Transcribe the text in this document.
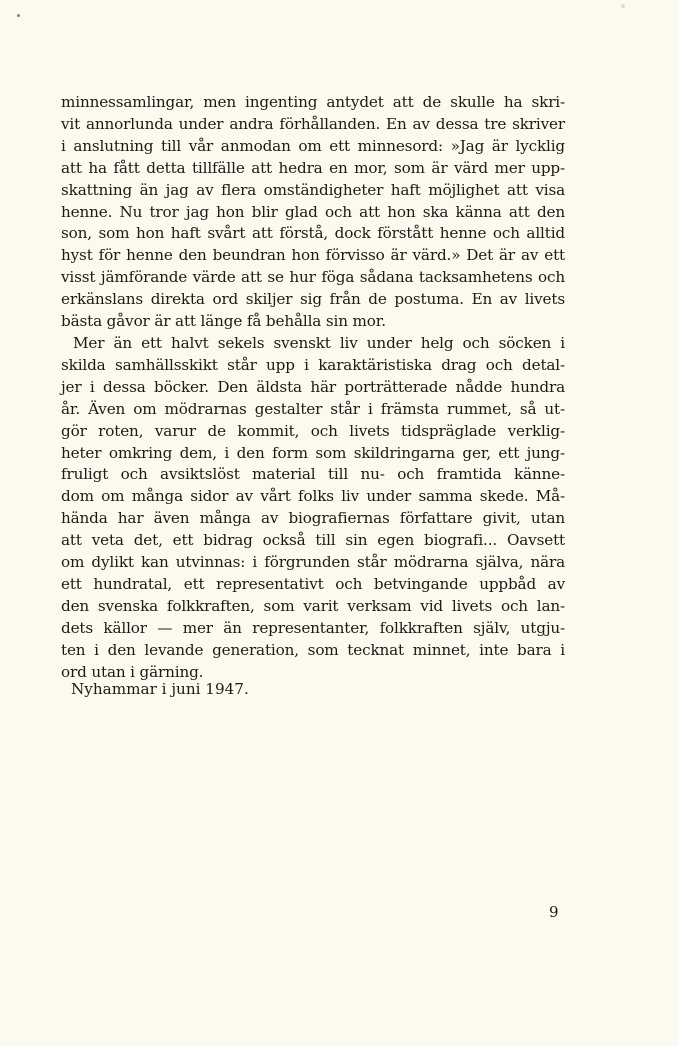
minnessamlingar, men ingenting antydet att de skulle ha skri-
vit annorlunda under andra förhållanden. En av dessa tre skriver
i anslutning till vår anmodan om ett minnesord: »Jag är lycklig
att ha fått detta tillfälle att hedra en mor, som är värd mer upp-
skattning än jag av flera omständigheter haft möjlighet att visa
henne. Nu tror jag hon blir glad och att hon ska känna att den
son, som hon haft svårt att förstå, dock förstått henne och alltid
hyst för henne den beundran hon förvisso är värd.» Det är av ett
visst jämförande värde att se hur föga sådana tacksamhetens och
erkänslans direkta ord skiljer sig från de postuma. En av livets
bästa gåvor är att länge få behålla sin mor.

Mer än ett halvt sekels svenskt liv under helg och söcken i
skilda samhällsskikt står upp i karaktäristiska drag och detal-
jer i dessa böcker. Den äldsta här porträtterade nådde hundra
år. Även om mödrarnas gestalter står i främsta rummet, så ut-
gör roten, varur de kommit, och livets tidspräglade verklig-
heter omkring dem, i den form som skildringarna ger, ett jung-
fruligt och avsiktslöst material till nu- och framtida känne-
dom om många sidor av vårt folks liv under samma skede. Må-
hända har även många av biografiernas författare givit, utan
att veta det, ett bidrag också till sin egen biografi... Oavsett
om dylikt kan utvinnas: i förgrunden står mödrarna själva, nära
ett hundratal, ett representativt och betvingande uppbåd av
den svenska folkkraften, som varit verksam vid livets och lan-
dets källor — mer än representanter, folkkraften själv, utgju-
ten i den levande generation, som tecknat minnet, inte bara i
ord utan i gärning.

Nyhammar i juni 1947.
9
